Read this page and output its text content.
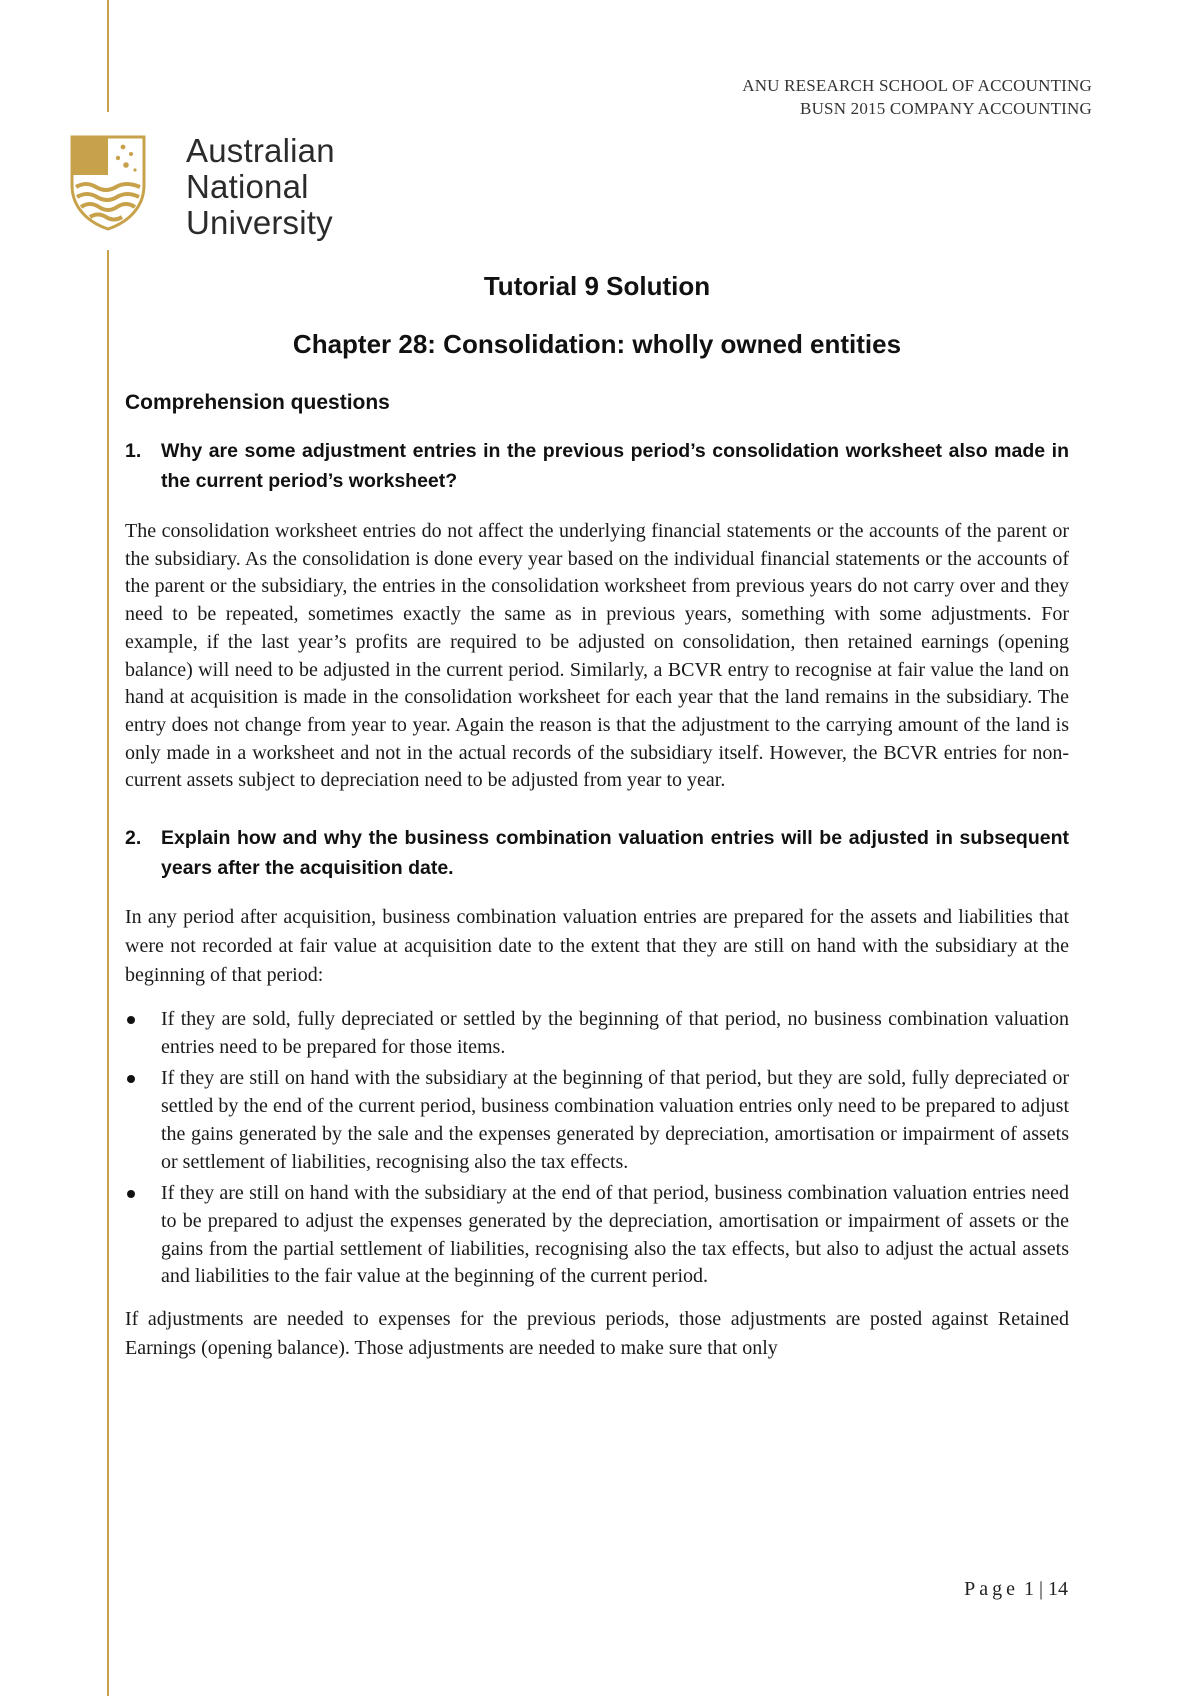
ANU RESEARCH SCHOOL OF ACCOUNTING
BUSN 2015 COMPANY ACCOUNTING
Australian
National
University
Tutorial 9 Solution
Chapter 28: Consolidation: wholly owned entities
Comprehension questions
1.	Why are some adjustment entries in the previous period’s consolidation worksheet also made in the current period’s worksheet?

The consolidation worksheet entries do not affect the underlying financial statements or the accounts of the parent or the subsidiary. As the consolidation is done every year based on the individual financial statements or the accounts of the parent or the subsidiary, the entries in the consolidation worksheet from previous years do not carry over and they need to be repeated, sometimes exactly the same as in previous years, something with some adjustments. For example, if the last year’s profits are required to be adjusted on consolidation, then retained earnings (opening balance) will need to be adjusted in the current period. Similarly, a BCVR entry to recognise at fair value the land on hand at acquisition is made in the consolidation worksheet for each year that the land remains in the subsidiary. The entry does not change from year to year. Again the reason is that the adjustment to the carrying amount of the land is only made in a worksheet and not in the actual records of the subsidiary itself. However, the BCVR entries for non-current assets subject to depreciation need to be adjusted from year to year.

2.	Explain how and why the business combination valuation entries will be adjusted in subsequent years after the acquisition date.

In any period after acquisition, business combination valuation entries are prepared for the assets and liabilities that were not recorded at fair value at acquisition date to the extent that they are still on hand with the subsidiary at the beginning of that period:

If they are sold, fully depreciated or settled by the beginning of that period, no business combination valuation entries need to be prepared for those items.
If they are still on hand with the subsidiary at the beginning of that period, but they are sold, fully depreciated or settled by the end of the current period, business combination valuation entries only need to be prepared to adjust the gains generated by the sale and the expenses generated by depreciation, amortisation or impairment of assets or settlement of liabilities, recognising also the tax effects.
If they are still on hand with the subsidiary at the end of that period, business combination valuation entries need to be prepared to adjust the expenses generated by the depreciation, amortisation or impairment of assets or the gains from the partial settlement of liabilities, recognising also the tax effects, but also to adjust the actual assets and liabilities to the fair value at the beginning of the current period.

If adjustments are needed to expenses for the previous periods, those adjustments are posted against Retained Earnings (opening balance). Those adjustments are needed to make sure that only

Page 1 | 14
